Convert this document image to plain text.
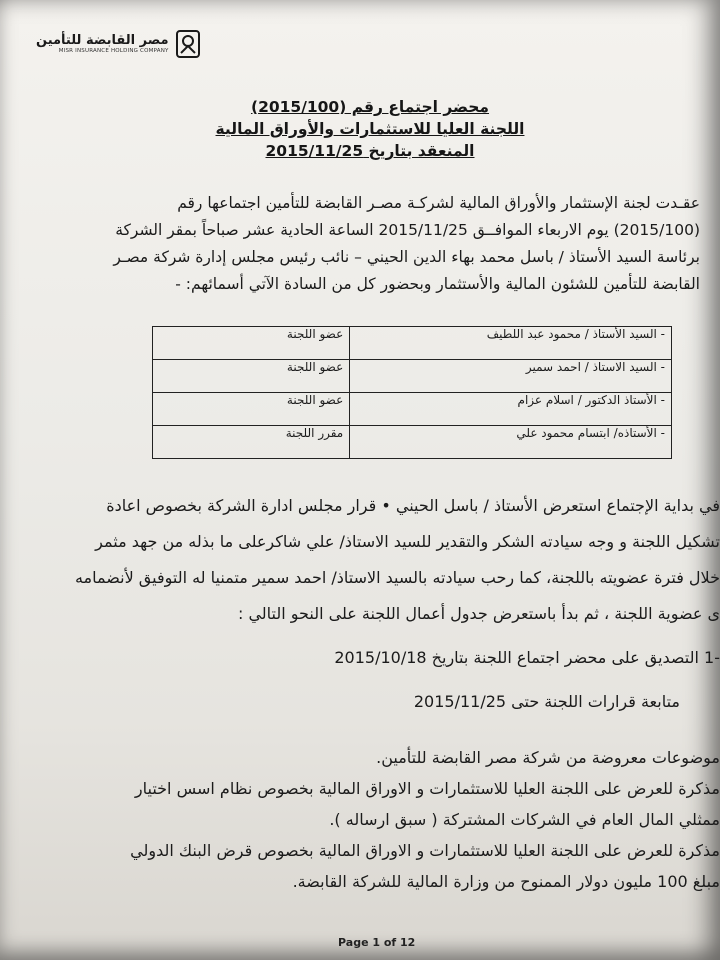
مصر القابضة للتأمين
MISR INSURANCE HOLDING COMPANY
محضر اجتماع رقم (2015/100)
اللجنة العليا للاستثمارات والأوراق المالية
المنعقد بتاريخ 2015/11/25
عقـدت لجنة الإستثمار والأوراق المالية لشركـة مصـر القابضة للتأمين اجتماعها رقم
(2015/100) يوم الاربعاء الموافــق 2015/11/25 الساعة الحادية عشر صباحاً بمقر الشركة
برئاسة السيد الأستاذ / باسل محمد بهاء الدين الحيني – نائب رئيس مجلس إدارة شركة مصـر
القابضة للتأمين للشئون المالية والأستثمار وبحضور كل من السادة الآتي أسمائهم: -
- السيد الأستاذ / محمود عبد اللطيف	عضو اللجنة
- السيد الاستاذ / احمد سمير	عضو اللجنة
- الأستاذ الدكتور / اسلام عزام	عضو اللجنة
- الأستاذه/ ابتسام محمود علي	مقرر اللجنة
في بداية الإجتماع استعرض الأستاذ / باسل الحيني • قرار مجلس ادارة الشركة بخصوص اعادة
تشكيل اللجنة و وجه سيادته الشكر والتقدير للسيد الاستاذ/ علي شاكرعلى ما بذله من جهد مثمر
خلال فترة عضويته باللجنة، كما رحب سيادته بالسيد الاستاذ/ احمد سمير متمنيا له التوفيق لأنضمامه
ى عضوية اللجنة ، ثم بدأ باستعرض جدول أعمال اللجنة على النحو التالي :
-1 التصديق على محضر اجتماع اللجنة بتاريخ 2015/10/18
متابعة قرارات اللجنة حتى 2015/11/25
موضوعات معروضة من شركة مصر القابضة للتأمين.
مذكرة للعرض على اللجنة العليا للاستثمارات و الاوراق المالية بخصوص نظام اسس اختيار
ممثلي المال العام في الشركات المشتركة ( سبق ارساله ).
مذكرة للعرض على اللجنة العليا للاستثمارات و الاوراق المالية بخصوص قرض البنك الدولي
مبلغ 100 مليون دولار الممنوح من وزارة المالية للشركة القابضة.
Page 1 of 12
